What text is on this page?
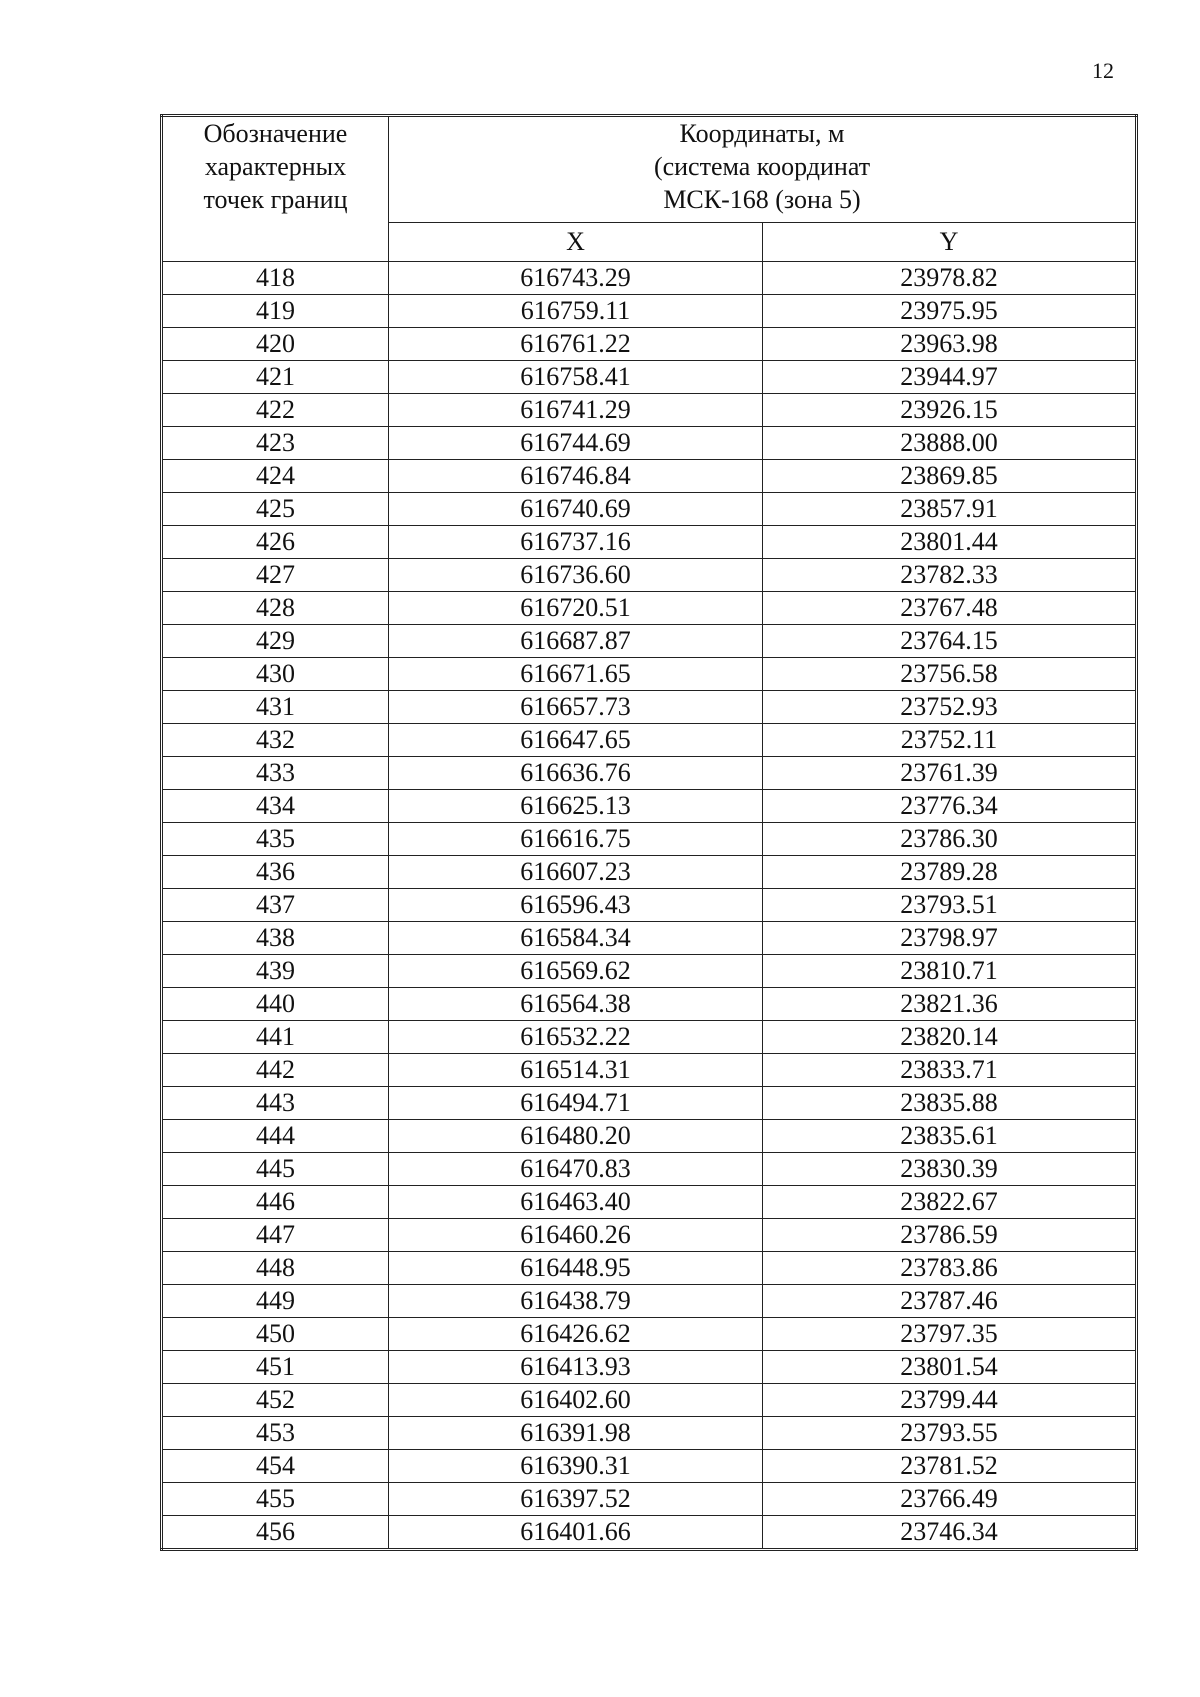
12
Обозначение
характерных
точек границ	Координаты, м
(система координат
МСК-168 (зона 5)	

	X	Y
418	616743.29	23978.82
419	616759.11	23975.95
420	616761.22	23963.98
421	616758.41	23944.97
422	616741.29	23926.15
423	616744.69	23888.00
424	616746.84	23869.85
425	616740.69	23857.91
426	616737.16	23801.44
427	616736.60	23782.33
428	616720.51	23767.48
429	616687.87	23764.15
430	616671.65	23756.58
431	616657.73	23752.93
432	616647.65	23752.11
433	616636.76	23761.39
434	616625.13	23776.34
435	616616.75	23786.30
436	616607.23	23789.28
437	616596.43	23793.51
438	616584.34	23798.97
439	616569.62	23810.71
440	616564.38	23821.36
441	616532.22	23820.14
442	616514.31	23833.71
443	616494.71	23835.88
444	616480.20	23835.61
445	616470.83	23830.39
446	616463.40	23822.67
447	616460.26	23786.59
448	616448.95	23783.86
449	616438.79	23787.46
450	616426.62	23797.35
451	616413.93	23801.54
452	616402.60	23799.44
453	616391.98	23793.55
454	616390.31	23781.52
455	616397.52	23766.49
456	616401.66	23746.34
